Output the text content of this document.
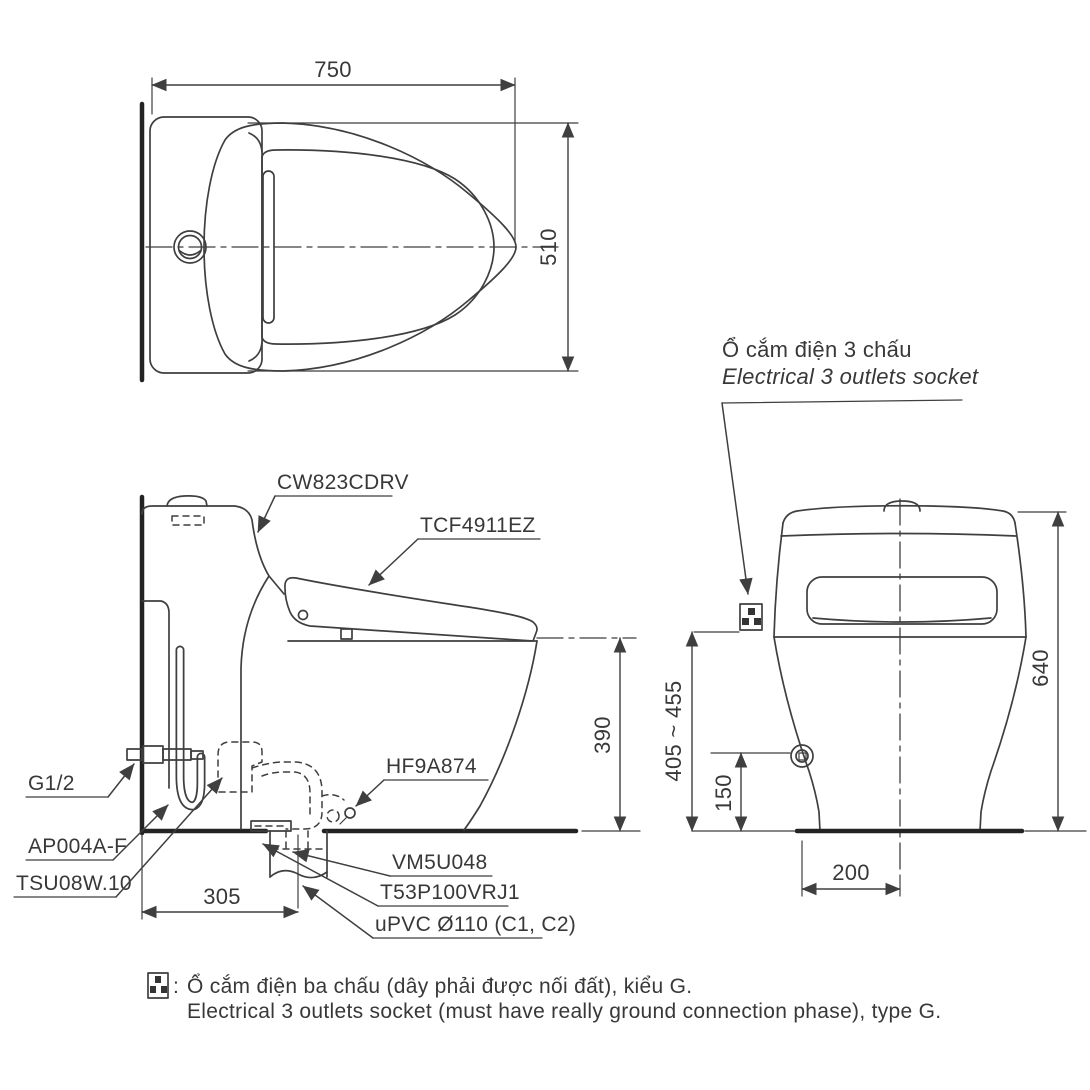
750
510
305
390
CW823CDRV
TCF4911EZ
G1/2
AP004A-F
TSU08W.10
HF9A874
VM5U048
T53P100VRJ1
uPVC Ø110 (C1, C2)
Ổ cắm điện 3 chấu
Electrical 3 outlets socket
405 ~ 455
150
200
640
: Ổ cắm điện ba chấu (dây phải được nối đất), kiểu G.
Electrical 3 outlets socket (must have really ground connection phase), type G.
